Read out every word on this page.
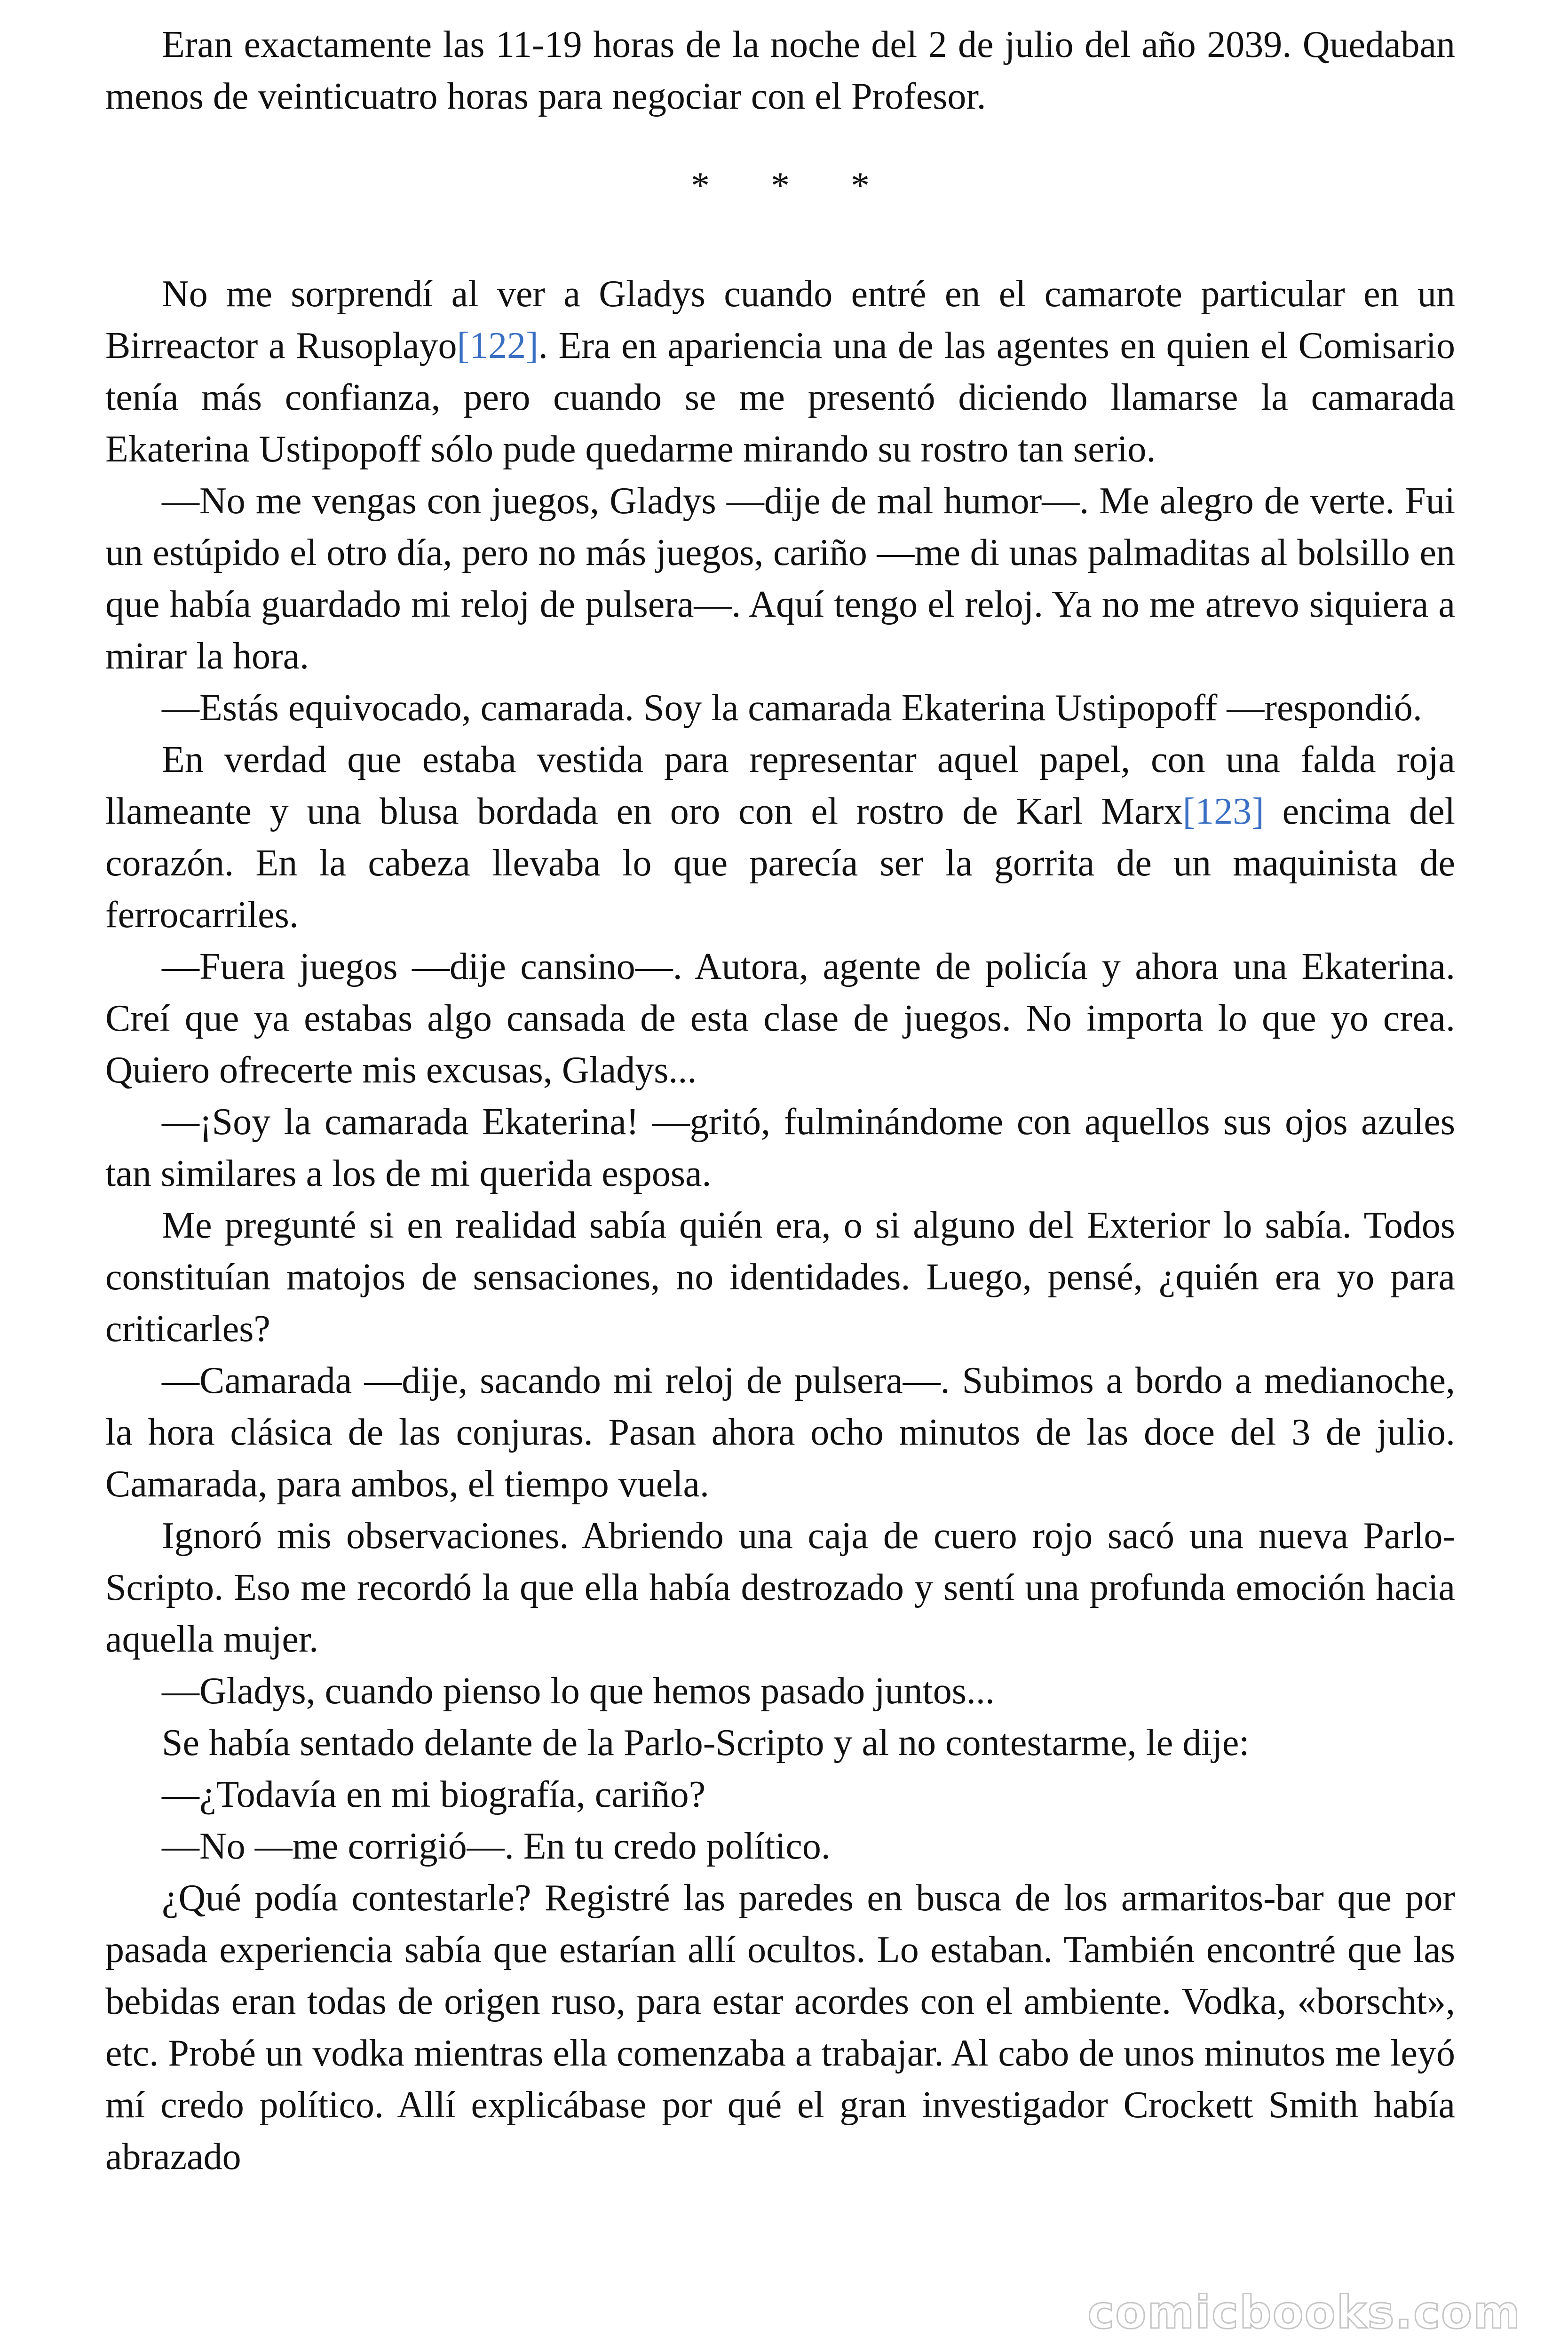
Eran exactamente las 11-19 horas de la noche del 2 de julio del año 2039. Quedaban menos de veinticuatro horas para negociar con el Profesor.

* * *

No me sorprendí al ver a Gladys cuando entré en el camarote particular en un Birreactor a Rusoplayo[122]. Era en apariencia una de las agentes en quien el Comisario tenía más confianza, pero cuando se me presentó diciendo llamarse la camarada Ekaterina Ustipopoff sólo pude quedarme mirando su rostro tan serio.

—No me vengas con juegos, Gladys —dije de mal humor—. Me alegro de verte. Fui un estúpido el otro día, pero no más juegos, cariño —me di unas palmaditas al bolsillo en que había guardado mi reloj de pulsera—. Aquí tengo el reloj. Ya no me atrevo siquiera a mirar la hora.

—Estás equivocado, camarada. Soy la camarada Ekaterina Ustipopoff —respondió.

En verdad que estaba vestida para representar aquel papel, con una falda roja llameante y una blusa bordada en oro con el rostro de Karl Marx[123] encima del corazón. En la cabeza llevaba lo que parecía ser la gorrita de un maquinista de ferrocarriles.

—Fuera juegos —dije cansino—. Autora, agente de policía y ahora una Ekaterina. Creí que ya estabas algo cansada de esta clase de juegos. No importa lo que yo crea. Quiero ofrecerte mis excusas, Gladys...

—¡Soy la camarada Ekaterina! —gritó, fulminándome con aquellos sus ojos azules tan similares a los de mi querida esposa.

Me pregunté si en realidad sabía quién era, o si alguno del Exterior lo sabía. Todos constituían matojos de sensaciones, no identidades. Luego, pensé, ¿quién era yo para criticarles?

—Camarada —dije, sacando mi reloj de pulsera—. Subimos a bordo a medianoche, la hora clásica de las conjuras. Pasan ahora ocho minutos de las doce del 3 de julio. Camarada, para ambos, el tiempo vuela.

Ignoró mis observaciones. Abriendo una caja de cuero rojo sacó una nueva Parlo-Scripto. Eso me recordó la que ella había destrozado y sentí una profunda emoción hacia aquella mujer.

—Gladys, cuando pienso lo que hemos pasado juntos...

Se había sentado delante de la Parlo-Scripto y al no contestarme, le dije:

—¿Todavía en mi biografía, cariño?

—No —me corrigió—. En tu credo político.

¿Qué podía contestarle? Registré las paredes en busca de los armaritos-bar que por pasada experiencia sabía que estarían allí ocultos. Lo estaban. También encontré que las bebidas eran todas de origen ruso, para estar acordes con el ambiente. Vodka, «borscht», etc. Probé un vodka mientras ella comenzaba a trabajar. Al cabo de unos minutos me leyó mí credo político. Allí explicábase por qué el gran investigador Crockett Smith había abrazado

comicbooks.com
